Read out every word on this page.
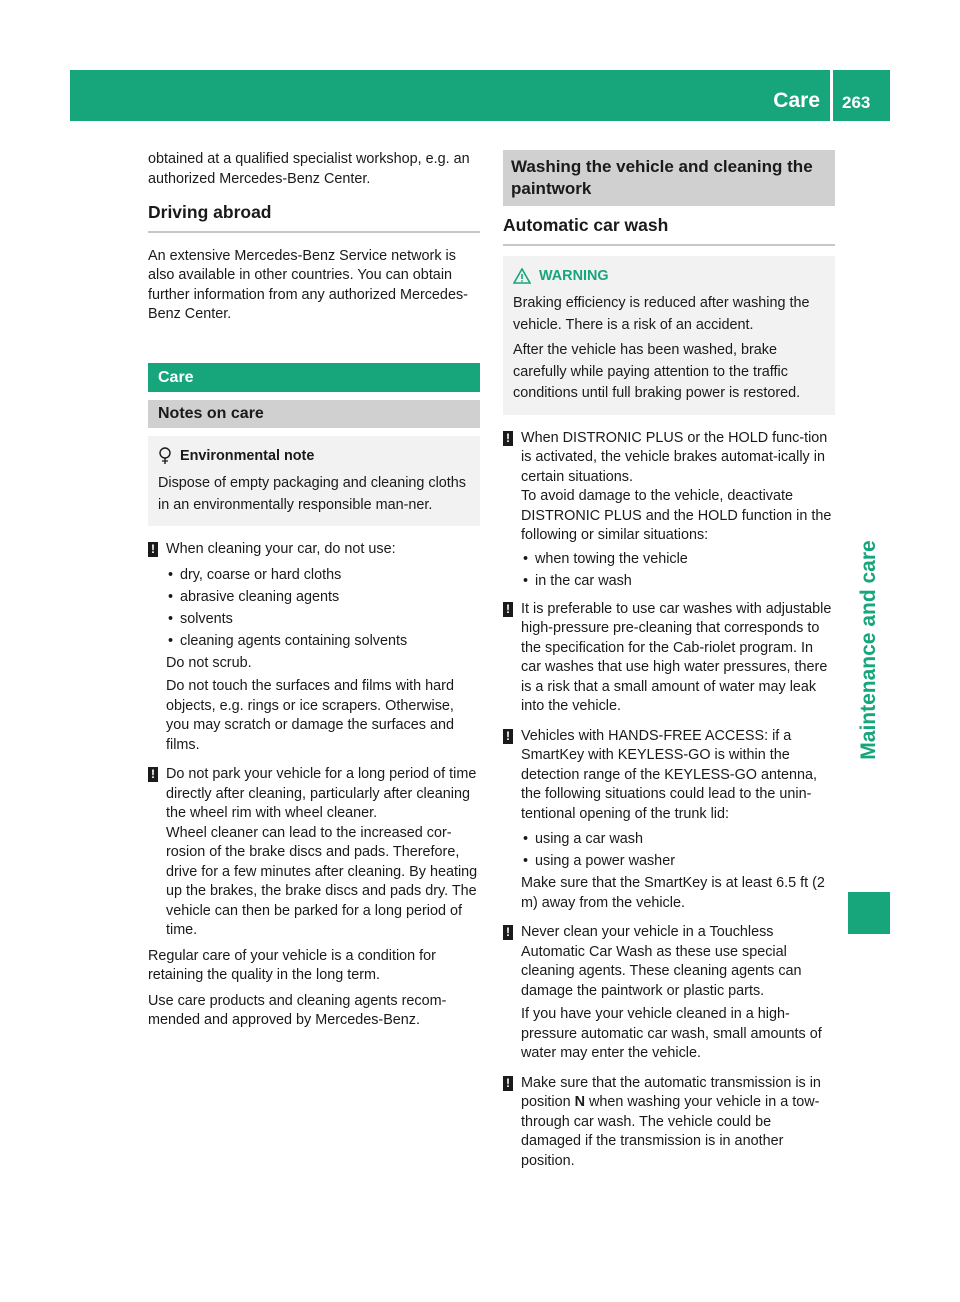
Care 263
Maintenance and care

obtained at a qualified specialist workshop, e.g. an authorized Mercedes-Benz Center.

Driving abroad

An extensive Mercedes-Benz Service network is also available in other countries. You can obtain further information from any authorized Mercedes-Benz Center.

Care
Notes on care
Environmental note

Dispose of empty packaging and cleaning cloths in an environmentally responsible man-ner.

! When cleaning your car, do not use:

• dry, coarse or hard cloths
• abrasive cleaning agents
• solvents
• cleaning agents containing solvents

Do not scrub.

Do not touch the surfaces and films with hard objects, e.g. rings or ice scrapers. Otherwise, you may scratch or damage the surfaces and films.

! Do not park your vehicle for a long period of time directly after cleaning, particularly after cleaning the wheel rim with wheel cleaner.

Wheel cleaner can lead to the increased cor-rosion of the brake discs and pads. Therefore, drive for a few minutes after cleaning. By heating up the brakes, the brake discs and pads dry. The vehicle can then be parked for a long period of time.

Regular care of your vehicle is a condition for retaining the quality in the long term.

Use care products and cleaning agents recom-mended and approved by Mercedes-Benz.

Washing the vehicle and cleaning the paintwork
Automatic car wash
WARNING

Braking efficiency is reduced after washing the vehicle. There is a risk of an accident.

After the vehicle has been washed, brake carefully while paying attention to the traffic conditions until full braking power is restored.

! When DISTRONIC PLUS or the HOLD func-tion is activated, the vehicle brakes automat-ically in certain situations.

To avoid damage to the vehicle, deactivate DISTRONIC PLUS and the HOLD function in the following or similar situations:

• when towing the vehicle
• in the car wash
! It is preferable to use car washes with adjustable high-pressure pre-cleaning that corresponds to the specification for the Cab-riolet program. In car washes that use high water pressures, there is a risk that a small amount of water may leak into the vehicle.

! Vehicles with HANDS-FREE ACCESS: if a SmartKey with KEYLESS-GO is within the detection range of the KEYLESS-GO antenna, the following situations could lead to the unin-tentional opening of the trunk lid:

• using a car wash
• using a power washer

Make sure that the SmartKey is at least 6.5 ft (2 m) away from the vehicle.

! Never clean your vehicle in a Touchless Automatic Car Wash as these use special cleaning agents. These cleaning agents can damage the paintwork or plastic parts.

If you have your vehicle cleaned in a high-pressure automatic car wash, small amounts of water may enter the vehicle.

! Make sure that the automatic transmission is in position N when washing your vehicle in a tow-through car wash. The vehicle could be damaged if the transmission is in another position.
